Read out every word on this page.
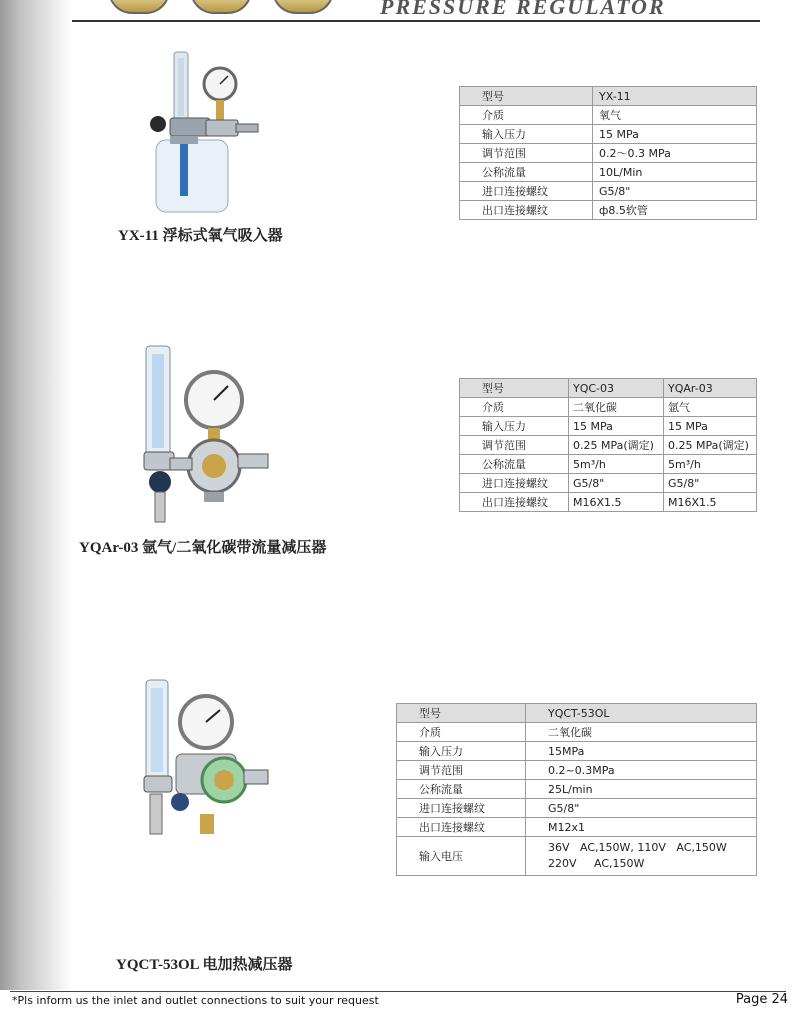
PRESSURE REGULATOR
YX-11 浮标式氧气吸入器
型号	YX-11
介质	氧气
输入压力	15 MPa
调节范围	0.2～0.3 MPa
公称流量	10L/Min
进口连接螺纹	G5/8"
出口连接螺纹	ф8.5软管
YQAr-03 氩气/二氧化碳带流量减压器
型号	YQC-03	YQAr-03
介质	二氧化碳	氩气
输入压力	15 MPa	15 MPa
调节范围	0.25 MPa(调定)	0.25 MPa(调定)
公称流量	5m³/h	5m³/h
进口连接螺纹	G5/8"	G5/8"
出口连接螺纹	M16X1.5	M16X1.5
YQCT-53OL 电加热减压器
型号	YQCT-53OL
介质	二氧化碳
输入压力	15MPa
调节范围	0.2~0.3MPa
公称流量	25L/min
进口连接螺纹	G5/8"
出口连接螺纹	M12x1
输入电压	36V   AC,150W, 110V   AC,150W
220V     AC,150W
*Pls inform us the inlet and outlet connections to suit your request	Page 24
